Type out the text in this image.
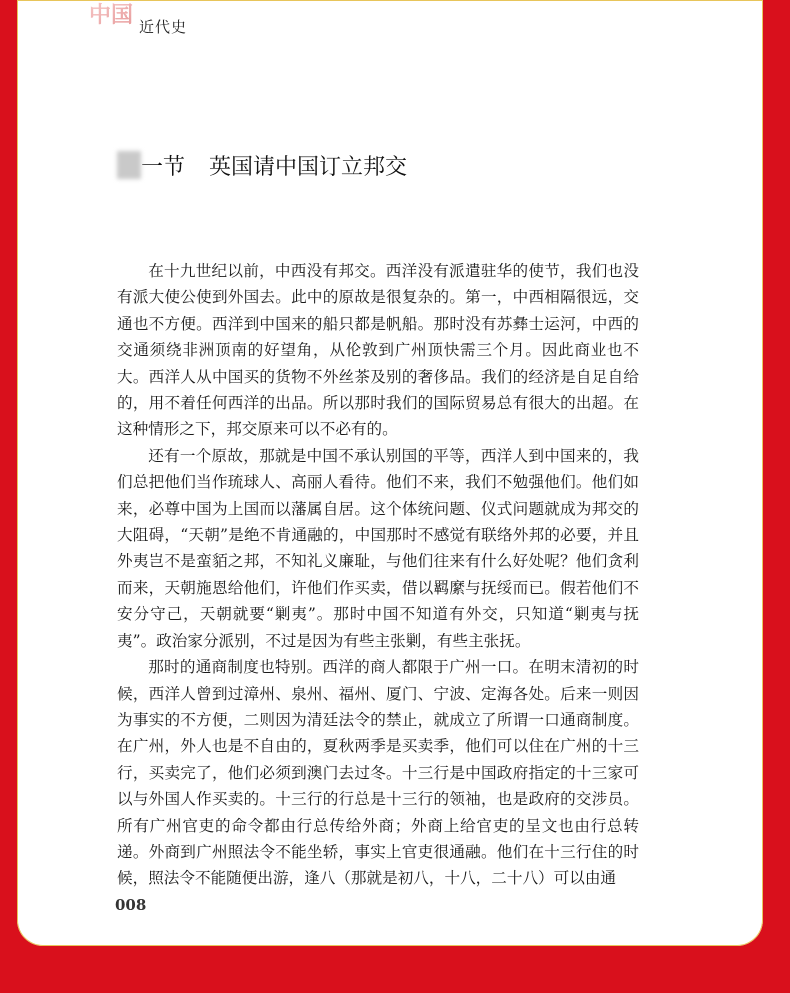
中国 近代史
一节 英国请中国订立邦交

在十九世纪以前，中西没有邦交。西洋没有派遣驻华的使节，我们也没有派大使公使到外国去。此中的原故是很复杂的。第一，中西相隔很远，交通也不方便。西洋到中国来的船只都是帆船。那时没有苏彝士运河，中西的交通须绕非洲顶南的好望角，从伦敦到广州顶快需三个月。因此商业也不大。西洋人从中国买的货物不外丝茶及别的奢侈品。我们的经济是自足自给的，用不着任何西洋的出品。所以那时我们的国际贸易总有很大的出超。在这种情形之下，邦交原来可以不必有的。

还有一个原故，那就是中国不承认别国的平等，西洋人到中国来的，我们总把他们当作琉球人、高丽人看待。他们不来，我们不勉强他们。他们如来，必尊中国为上国而以藩属自居。这个体统问题、仪式问题就成为邦交的大阻碍，“天朝”是绝不肯通融的，中国那时不感觉有联络外邦的必要，并且外夷岂不是蛮貊之邦，不知礼义廉耻，与他们往来有什么好处呢？他们贪利而来，天朝施恩给他们，许他们作买卖，借以羁縻与抚绥而已。假若他们不安分守己，天朝就要“剿夷”。那时中国不知道有外交，只知道“剿夷与抚夷”。政治家分派别，不过是因为有些主张剿，有些主张抚。

那时的通商制度也特别。西洋的商人都限于广州一口。在明末清初的时候，西洋人曾到过漳州、泉州、福州、厦门、宁波、定海各处。后来一则因为事实的不方便，二则因为清廷法令的禁止，就成立了所谓一口通商制度。在广州，外人也是不自由的，夏秋两季是买卖季，他们可以住在广州的十三行，买卖完了，他们必须到澳门去过冬。十三行是中国政府指定的十三家可以与外国人作买卖的。十三行的行总是十三行的领袖，也是政府的交涉员。所有广州官吏的命令都由行总传给外商；外商上给官吏的呈文也由行总转递。外商到广州照法令不能坐轿，事实上官吏很通融。他们在十三行住的时候，照法令不能随便出游，逢八（那就是初八，十八，二十八）可以由通

008
